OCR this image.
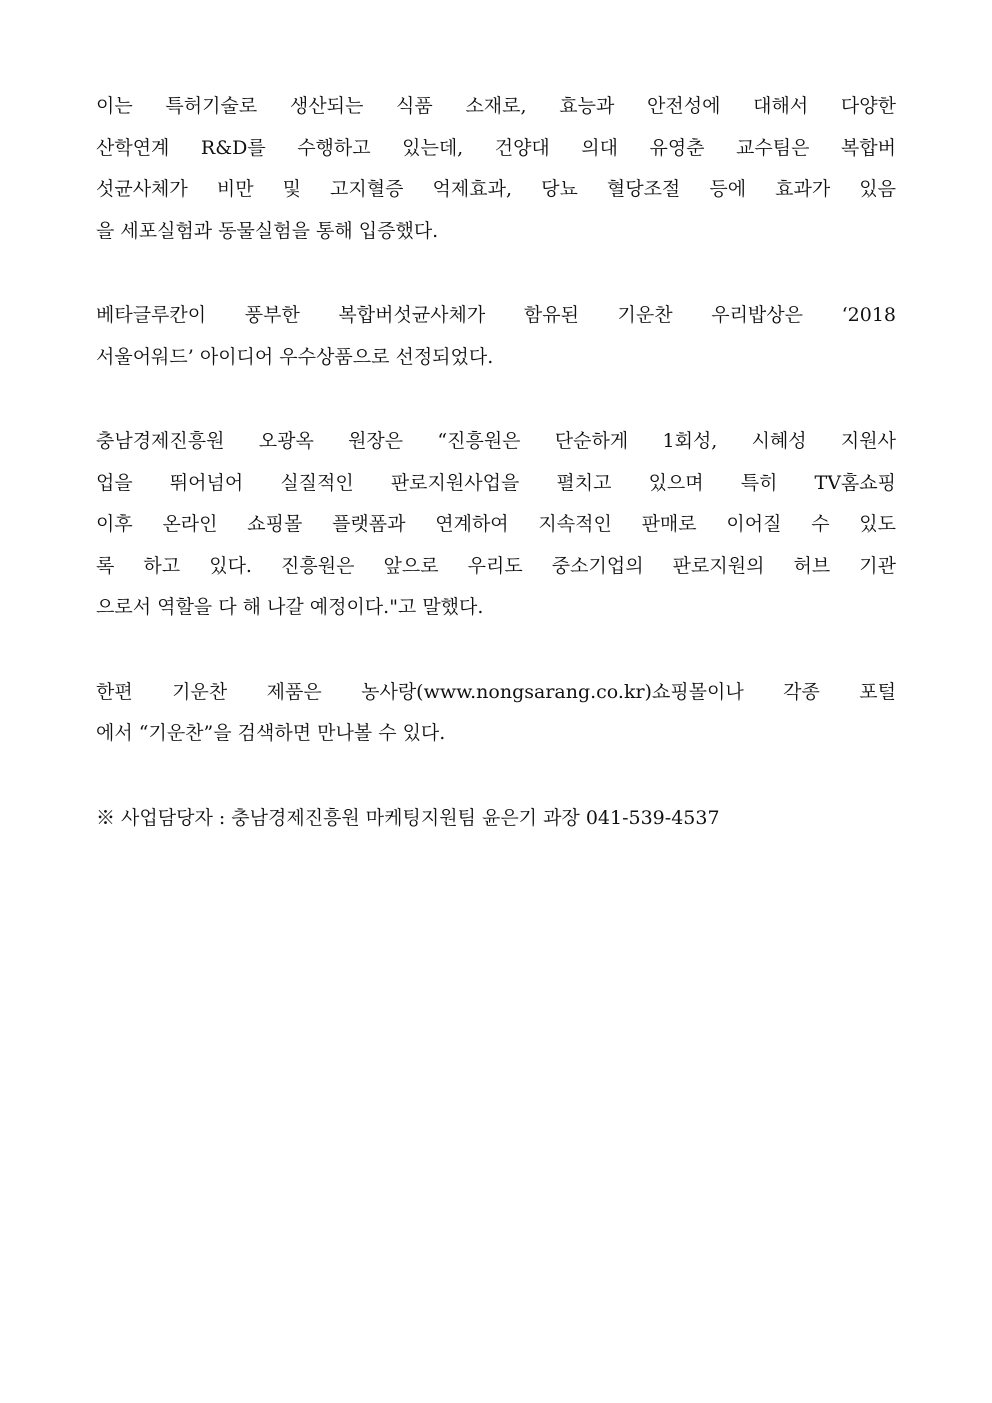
이는 특허기술로 생산되는 식품 소재로, 효능과 안전성에 대해서 다양한
산학연계 R&D를 수행하고 있는데, 건양대 의대 유영춘 교수팀은 복합버
섯균사체가 비만 및 고지혈증 억제효과, 당뇨 혈당조절 등에 효과가 있음
을 세포실험과 동물실험을 통해 입증했다.
베타글루칸이 풍부한 복합버섯균사체가 함유된 기운찬 우리밥상은 ‘2018
서울어워드’ 아이디어 우수상품으로 선정되었다.
충남경제진흥원 오광옥 원장은 “진흥원은 단순하게 1회성, 시혜성 지원사
업을 뛰어넘어 실질적인 판로지원사업을 펼치고 있으며 특히 TV홈쇼핑
이후 온라인 쇼핑몰 플랫폼과 연계하여 지속적인 판매로 이어질 수 있도
록 하고 있다. 진흥원은 앞으로 우리도 중소기업의 판로지원의 허브 기관
으로서 역할을 다 해 나갈 예정이다."고 말했다.
한편 기운찬 제품은 농사랑(www.nongsarang.co.kr)쇼핑몰이나 각종 포털
에서 “기운찬”을 검색하면 만나볼 수 있다.
※ 사업담당자 : 충남경제진흥원 마케팅지원팀 윤은기 과장 041-539-4537
